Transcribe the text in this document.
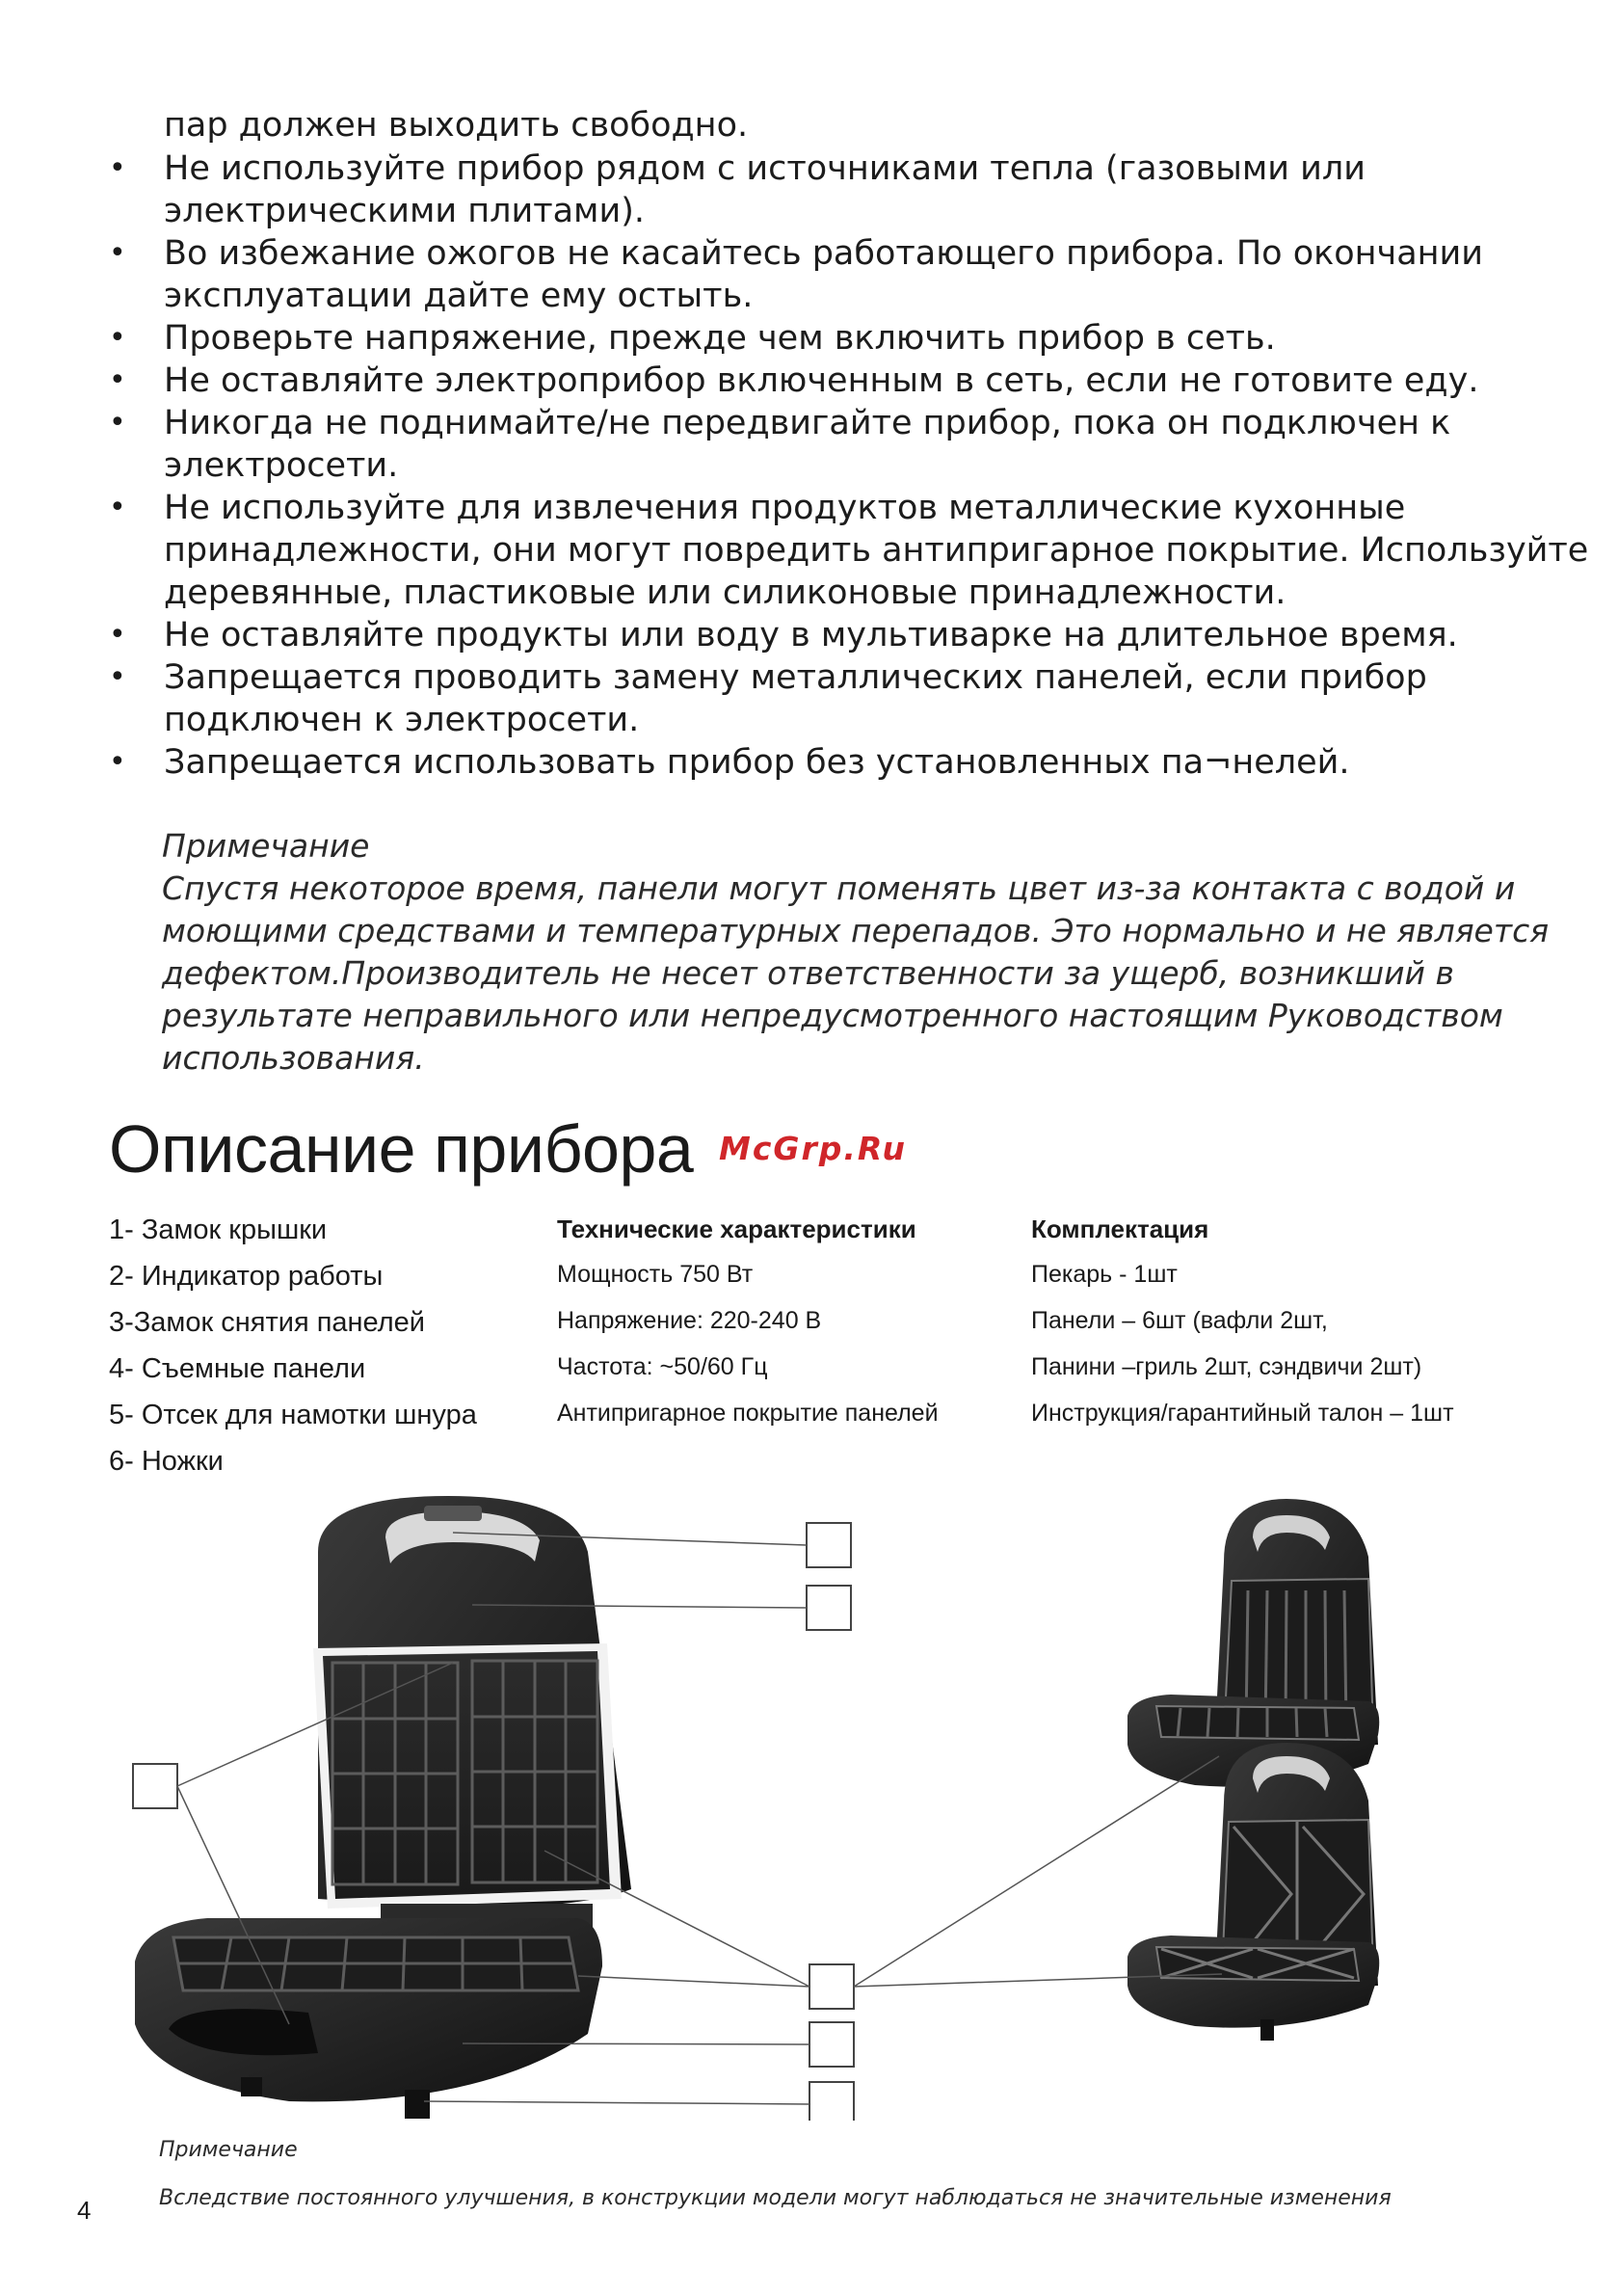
пар должен выходить свободно.
• Не используйте прибор рядом с источниками тепла (газовыми или
электрическими плитами).
• Во избежание ожогов не касайтесь работающего прибора. По окончании
эксплуатации дайте ему остыть.
• Проверьте напряжение, прежде чем включить прибор в сеть.
• Не оставляйте электроприбор включенным в сеть, если не готовите еду.
• Никогда не поднимайте/не передвигайте прибор, пока он подключен к
электросети.
• Не используйте для извлечения продуктов металлические кухонные
принадлежности, они могут повредить антипригарное покрытие. Используйте
деревянные, пластиковые или силиконовые принадлежности.
• Не оставляйте продукты или воду в мультиварке на длительное время.
• Запрещается проводить замену металлических панелей, если прибор
подключен к электросети.
• Запрещается использовать прибор без установленных па¬нелей.
Примечание
Спустя некоторое время, панели могут поменять цвет из-за контакта с водой и
моющими средствами и температурных перепадов. Это нормально и не является
дефектом.Производитель не несет ответственности за ущерб, возникший в
результате неправильного или непредусмотренного настоящим Руководством
использования.
Описание прибора McGrp.Ru
1- Замок крышки
2- Индикатор работы
3-Замок снятия панелей
4- Съемные панели
5- Отсек для намотки шнура
6- Ножки
Технические характеристики
Мощность 750 Вт
Напряжение: 220-240 В
Частота: ~50/60 Гц
Антипригарное покрытие панелей
Комплектация
Пекарь - 1шт
Панели – 6шт (вафли 2шт,
Панини –гриль 2шт, сэндвичи 2шт)
Инструкция/гарантийный талон – 1шт
Примечание
Вследствие постоянного улучшения, в конструкции модели могут наблюдаться не значительные изменения
4
